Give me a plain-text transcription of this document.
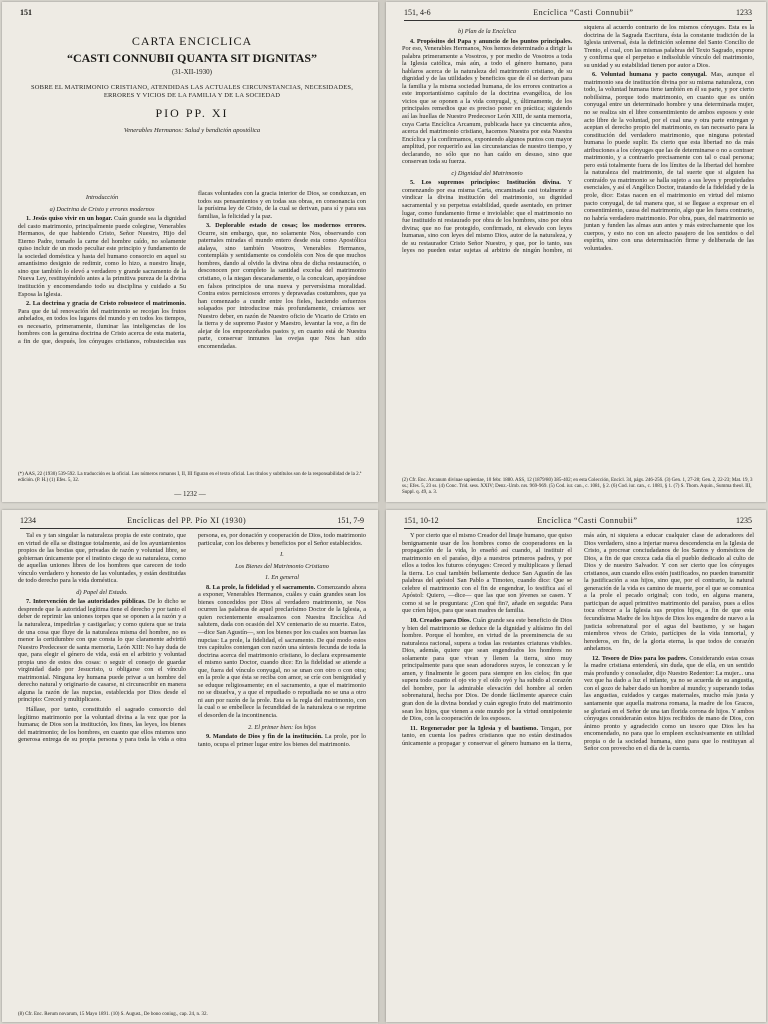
151
CARTA ENCICLICA
“CASTI CONNUBII QUANTA SIT DIGNITAS”
(31-XII-1930)
SOBRE EL MATRIMONIO CRISTIANO, ATENDIDAS LAS ACTUALES CIRCUNSTANCIAS, NECESIDADES, ERRORES Y VICIOS DE LA FAMILIA Y DE LA SOCIEDAD
PIO PP. XI
Venerables Hermanos: Salud y bendición apostólica

Introducción

a) Doctrina de Cristo y errores modernos

1. Jesús quiso vivir en un hogar. Cuán grande sea la dignidad del casto matrimonio, principalmente puede colegirse, Venerables Hermanos, de que habiendo Cristo, Señor Nuestro, Hijo del Eterno Padre, tomado la carne del hombre caído, no solamente quiso incluir de un modo peculiar este principio y fundamento de la sociedad doméstica y hasta del humano consorcio en aquel su amantísimo designio de redimir, como lo hizo, a nuestro linaje, sino que también lo elevó a verdadero y grande sacramento de la Nueva Ley, restituyéndolo antes a la primitiva pureza de la divina institución y encomendando todo su disciplina y cuidado a Su Esposa la Iglesia.

2. La doctrina y gracia de Cristo robustece el matrimonio. Para que de tal renovación del matrimonio se recojan los frutos anhelados, en todos los lugares del mundo y en todos los tiempos, es necesario, primeramente, iluminar las inteligencias de los hombres con la genuina doctrina de Cristo acerca de esta materia, a fin de que, después, los cónyuges cristianos, robustecidas sus flacas voluntades con la gracia interior de Dios, se conduzcan, en todos sus pensamientos y en todas sus obras, en consonancia con la purísima ley de Cristo, de la cual se derivan, para sí y para sus familias, la felicidad y la paz.

3. Deplorable estado de cosas; los modernos errores. Ocurre, sin embargo, que, no solamente Nos, observando con paternales miradas el mundo entero desde esta como Apostólica atalaya, sino también Vosotros, Venerables Hermanos, contempláis y sentidamente os condoléis con Nos de que muchos hombres, dando al olvido la divina obra de dicha restauración, o desconocen por completo la santidad excelsa del matrimonio cristiano, o la niegan descaradamente, o la conculcan, apoyándose en falsos principios de una nueva y perversísima moralidad. Contra estos perniciosos errores y depravadas costumbres, que ya han comenzado a cundir entre los fieles, haciendo esfuerzos solapados por introducirse más profundamente, creíamos ser Nuestro deber, en razón de Nuestro oficio de Vicario de Cristo en la tierra y de supremo Pastor y Maestro, levantar la voz, a fin de alejar de los emponzoñados pastos y, en cuanto está de Nuestra parte, conservar inmunes las ovejas que Nos han sido encomendadas.

(*) AAS, 22 (1930) 539-592. La traducción es la oficial. Los números romanos I, II, III figuran en el texto oficial. Los títulos y subtítulos son de la responsabilidad de la 2.ª edición. (P. H.) (1) Efes. 5, 32.
— 1232 —
151, 4-6	Encíclica “Casti Connubii”	1233

b) Plan de la Encíclica

4. Propósitos del Papa y anuncio de los puntos principales. Por eso, Venerables Hermanos, Nos hemos determinado a dirigir la palabra primeramente a Vosotros, y por medio de Vosotros a toda la Iglesia católica, más aún, a todo el género humano, para hablaros acerca de la naturaleza del matrimonio cristiano, de su dignidad y de las utilidades y beneficios que de él se derivan para la familia y la misma sociedad humana, de los errores contrarios a este importantísimo capítulo de la doctrina evangélica, de los vicios que se oponen a la vida conyugal, y, últimamente, de los principales remedios que es preciso poner en práctica; siguiendo así las huellas de Nuestro Predecesor León XIII, de santa memoria, cuya Carta Encíclica Arcanum, publicada hace ya cincuenta años, acerca del matrimonio cristiano, hacemos Nuestra por esta Nuestra Encíclica y la confirmamos, exponiendo algunos puntos con mayor amplitud, por requerirlo así las circunstancias de nuestro tiempo, y declarando, no sólo que no han caído en desuso, sino que conservan toda su fuerza.

c) Dignidad del Matrimonio

5. Los supremos principios: Institución divina. Y comenzando por esa misma Carta, encaminada casi totalmente a vindicar la divina institución del matrimonio, su dignidad sacramental y su perpetua estabilidad, quede asentado, en primer lugar, como fundamento firme e inviolable: que el matrimonio no fue instituido ni restaurado por obra de los hombres, sino por obra divina; que no fue protegido, confirmado, ni elevado con leyes humanas, sino con leyes del mismo Dios, autor de la naturaleza, y de su restaurador Cristo Señor Nuestro, y que, por lo tanto, sus leyes no pueden estar sujetas al arbitrio de ningún hombre, ni siquiera al acuerdo contrario de los mismos cónyuges. Esta es la doctrina de la Sagrada Escritura, ésta la constante tradición de la Iglesia universal, ésta la definición solemne del Santo Concilio de Trento, el cual, con las mismas palabras del Texto Sagrado, expone y confirma que el perpetuo e indisoluble vínculo del matrimonio, su unidad y su estabilidad tienen por autor a Dios.

6. Voluntad humana y pacto conyugal. Mas, aunque el matrimonio sea de institución divina por su misma naturaleza, con todo, la voluntad humana tiene también en él su parte, y por cierto nobilísima, porque todo matrimonio, en cuanto que es unión conyugal entre un determinado hombre y una determinada mujer, no se realiza sin el libre consentimiento de ambos esposos y este acto libre de la voluntad, por el cual una y otra parte entregan y aceptan el derecho propio del matrimonio, es tan necesario para la constitución del verdadero matrimonio, que ninguna potestad humana lo puede suplir. Es cierto que esta libertad no da más atribuciones a los cónyuges que las de determinarse o no a contraer matrimonio, y a contraerlo precisamente con tal o cual persona; pero está totalmente fuera de los límites de la libertad del hombre la naturaleza del matrimonio, de tal suerte que si alguien ha contraído ya matrimonio se halla sujeto a sus leyes y propiedades esenciales, y así el Angélico Doctor, tratando de la fidelidad y de la prole, dice: Estas nacen en el matrimonio en virtud del mismo pacto conyugal, de tal manera que, si se llegase a expresar en el consentimiento, causa del matrimonio, algo que les fuera contrario, no habría verdadero matrimonio. Por obra, pues, del matrimonio se juntan y funden las almas aun antes y más estrechamente que los cuerpos, y esto no con un afecto pasajero de los sentidos o del espíritu, sino con una determinación firme y deliberada de las voluntades.

(2) Cfr. Enc. Arcanum divinae sapientiae, 10 febr. 1880. ASS, 12 (1879/80) 385-402; en esta Colección, Encícl. 34, págs. 246-256. (3) Gen. 1, 27-28; Gen. 2, 22-23; Mat. 19, 3 ss.; Efes. 5, 23 ss. (4) Conc. Trid. sess. XXIV; Denz.-Umb. nrs. 969-969. (5) Cod. iur. can., c. 1081, § 2. (6) Cod. iur. can., c. 1081, § 1. (7) S. Thom. Aquin., Summa theol. III, Suppl. q. 49, a. 3.
1234	Encíclicas del PP. Pío XI (1930)	151, 7-9

Tal es y tan singular la naturaleza propia de este contrato, que en virtud de ella se distingue totalmente, así de los ayuntamientos propios de las bestias que, privadas de razón y voluntad libre, se gobiernan únicamente por el instinto ciego de su naturaleza, como de aquellas uniones libres de los hombres que carecen de todo vínculo verdadero y honesto de las voluntades, y están destituidas de todo derecho para la vida doméstica.

d) Papel del Estado.

7. Intervención de las autoridades públicas. De lo dicho se desprende que la autoridad legítima tiene el derecho y por tanto el deber de reprimir las uniones torpes que se oponen a la razón y a la naturaleza, impedirlas y castigarlas; y como quiera que se trata de una cosa que fluye de la naturaleza misma del hombre, no es menor la certidumbre con que consta lo que claramente advirtió Nuestro Predecesor de santa memoria, León XIII: No hay duda de que, para elegir el género de vida, está en el arbitrio y voluntad propia uno de estos dos cosas: o seguir el consejo de guardar virginidad dado por Jesucristo, u obligarse con el vínculo matrimonial. Ninguna ley humana puede privar a un hombre del derecho natural y originario de casarse, ni circunscribir en manera alguna la razón de las nupcias, establecida por Dios desde el principio: Creced y multiplicaos.

Hállase, por tanto, constituido el sagrado consorcio del legítimo matrimonio por la voluntad divina a la vez que por la humana; de Dios son la institución, los fines, las leyes, los bienes del matrimonio; de los hombres, en cuanto que ellos mismos uno generosa entrega de su propia persona y para toda la vida a otra persona, es, por donación y cooperación de Dios, todo matrimonio particular, con los deberes y beneficios por el Señor establecidos.

I.

Los Bienes del Matrimonio Cristiano

1. En general

8. La prole, la fidelidad y el sacramento. Comenzando ahora a exponer, Venerables Hermanos, cuáles y cuán grandes sean los bienes concedidos por Dios al verdadero matrimonio, se Nos ocurren las palabras de aquel preclarísimo Doctor de la Iglesia, a quien recientemente ensalzamos con Nuestra Encíclica Ad salutem, dada con ocasión del XV centenario de su muerte. Estos, —dice San Agustín—, son los bienes por los cuales son buenas las nupcias: La prole, la fidelidad, el sacramento. De qué modo estos tres capítulos contengan con razón una síntesis fecunda de toda la doctrina acerca del matrimonio cristiano, lo declara expresamente el mismo santo Doctor, cuando dice: En la fidelidad se atiende a que, fuera del vínculo conyugal, no se unan con otro o con otra; en la prole a que ésta se reciba con amor, se críe con benignidad y se eduque religiosamente; en el sacramento, a que el matrimonio no se disuelva, y a que el repudiado o repudiada no se una a otro ni aun por razón de la prole. Esta es la regla del matrimonio, con la cual o se embellece la fecundidad de la naturaleza o se reprime el desorden de la incontinencia.

2. El primer bien: los hijos

9. Mandato de Dios y fin de la institución. La prole, por lo tanto, ocupa el primer lugar entre los bienes del matrimonio.

(8) Cfr. Enc. Rerum novarum, 15 Mayo 1891. (10) S. August., De bono coniug., cap. 24, n. 32.
151, 10-12	Encíclica “Casti Connubii”	1235

Y por cierto que el mismo Creador del linaje humano, que quiso benignamente usar de los hombres como de cooperadores en la propagación de la vida, lo enseñó así cuando, al instituir el matrimonio en el paraíso, dijo a nuestros primeros padres, y por ellos a todos los futuros cónyuges: Creced y multiplicaos y llenad la tierra. Lo cual también bellamente deduce San Agustín de las palabras del apóstol San Pablo a Timoteo, cuando dice: Que se celebre el matrimonio con el fin de engendrar, lo testifica así el Apóstol: Quiero, —dice— que las que son jóvenes se casen. Y como si se le preguntara: ¿Con qué fin?, añade en seguida: Para que críen hijos, para que sean madres de familia.

10. Creados para Dios. Cuán grande sea este beneficio de Dios y bien del matrimonio se deduce de la dignidad y altísimo fin del hombre. Porque el hombre, en virtud de la preeminencia de su naturaleza racional, supera a todas las restantes criaturas visibles. Dios, además, quiere que sean engendrados los hombres no solamente para que vivan y llenen la tierra, sino muy principalmente para que sean adoradores suyos, le conozcan y le amen, y finalmente le gocen para siempre en los cielos; fin que supera todo cuanto el ojo vio y el oído oyó y ha subido al corazón del hombre, por la admirable elevación del hombre al orden sobrenatural, hecha por Dios. De donde fácilmente aparece cuán gran don de la divina bondad y cuán egregio fruto del matrimonio sean los hijos, que vienen a este mundo por la virtud omnipotente de Dios, con la cooperación de los esposos.

11. Regenerador por la Iglesia y el bautismo. Tengan, por tanto, en cuenta los padres cristianos que no están destinados únicamente a propagar y conservar el género humano en la tierra, más aún, ni siquiera a educar cualquier clase de adoradores del Dios verdadero, sino a injertar nueva descendencia en la Iglesia de Cristo, a procrear conciudadanos de los Santos y domésticos de Dios, a fin de que crezca cada día el pueblo dedicado al culto de Dios y de nuestro Salvador. Y con ser cierto que los cónyuges cristianos, aun cuando ellos estén justificados, no pueden transmitir la justificación a sus hijos, sino que, por el contrario, la natural generación de la vida es camino de muerte, por el que se comunica a la prole el pecado original; con todo, en alguna manera, participan de aquel primitivo matrimonio del paraíso, pues a ellos toca ofrecer a la Iglesia sus propios hijos, a fin de que esta fecundísima Madre de los hijos de Dios los engendre de nuevo a la justicia sobrenatural por el agua del bautismo, y se hagan miembros vivos de Cristo, partícipes de la vida inmortal, y herederos, en fin, de la gloria eterna, la que todos de corazón anhelamos.

12. Tesoro de Dios para los padres. Considerando estas cosas la madre cristiana entenderá, sin duda, que de ella, en un sentido más profundo y consolador, dijo Nuestro Redentor: La mujer... una vez que ha dado a luz el infante, ya no se acuerda de su angustia, con el gozo de haber dado un hombre al mundo; y superando todas las angustias, cuidados y cargas maternales, mucho más justa y santamente que aquella matrona romana, la madre de los Gracos, se gloriará en el Señor de una tan florida corona de hijos. Y ambos cónyuges considerarán estos hijos recibidos de mano de Dios, con ánimo pronto y agradecido como un tesoro que Dios les ha encomendado, no para que lo empleen exclusivamente en utilidad propia o de la sociedad humana, sino para que lo restituyan al Señor con provecho en el día de la cuenta.
